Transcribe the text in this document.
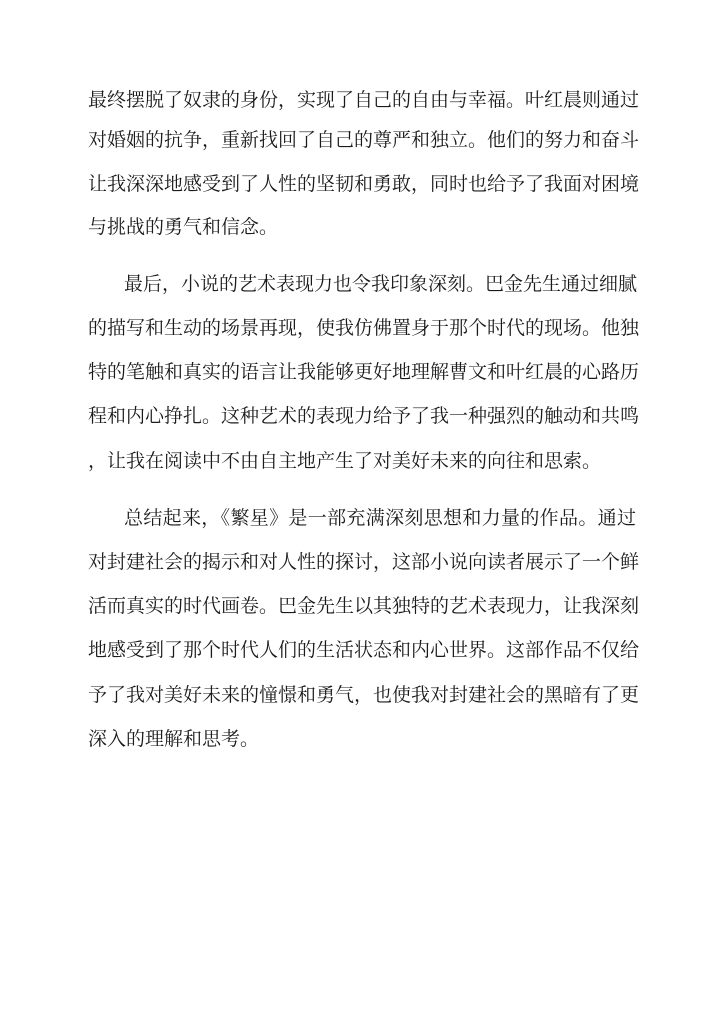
最终摆脱了奴隶的身份，实现了自己的自由与幸福。叶红晨则通过
对婚姻的抗争，重新找回了自己的尊严和独立。他们的努力和奋斗
让我深深地感受到了人性的坚韧和勇敢，同时也给予了我面对困境
与挑战的勇气和信念。
最后，小说的艺术表现力也令我印象深刻。巴金先生通过细腻
的描写和生动的场景再现，使我仿佛置身于那个时代的现场。他独
特的笔触和真实的语言让我能够更好地理解曹文和叶红晨的心路历
程和内心挣扎。这种艺术的表现力给予了我一种强烈的触动和共鸣
，让我在阅读中不由自主地产生了对美好未来的向往和思索。
总结起来，《繁星》是一部充满深刻思想和力量的作品。通过
对封建社会的揭示和对人性的探讨，这部小说向读者展示了一个鲜
活而真实的时代画卷。巴金先生以其独特的艺术表现力，让我深刻
地感受到了那个时代人们的生活状态和内心世界。这部作品不仅给
予了我对美好未来的憧憬和勇气，也使我对封建社会的黑暗有了更
深入的理解和思考。
